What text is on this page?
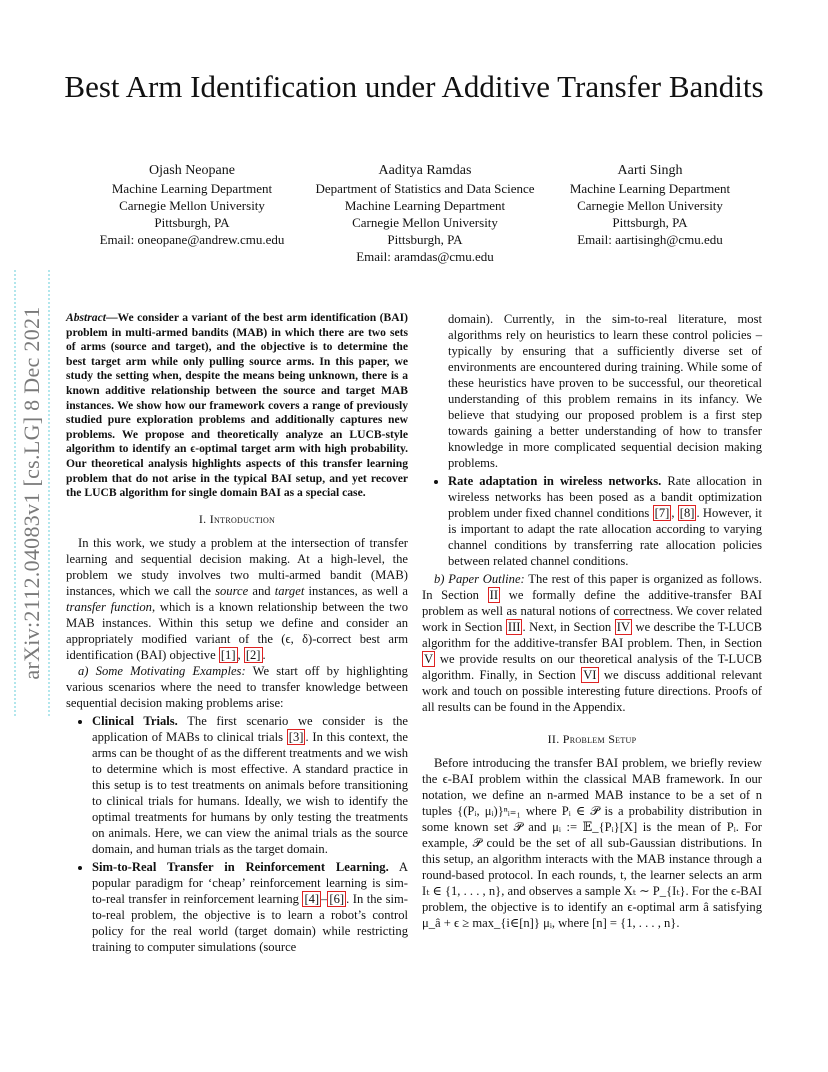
Best Arm Identification under Additive Transfer Bandits
Ojash Neopane
Machine Learning Department
Carnegie Mellon University
Pittsburgh, PA
Email: oneopane@andrew.cmu.edu
Aaditya Ramdas
Department of Statistics and Data Science
Machine Learning Department
Carnegie Mellon University
Pittsburgh, PA
Email: aramdas@cmu.edu
Aarti Singh
Machine Learning Department
Carnegie Mellon University
Pittsburgh, PA
Email: aartisingh@cmu.edu
arXiv:2112.04083v1 [cs.LG] 8 Dec 2021 Abstract—We consider a variant of the best arm identification (BAI) problem in multi-armed bandits (MAB) in which there are two sets of arms (source and target), and the objective is to determine the best target arm while only pulling source arms. In this paper, we study the setting when, despite the means being unknown, there is a known additive relationship between the source and target MAB instances. We show how our framework covers a range of previously studied pure exploration problems and additionally captures new problems. We propose and theoretically analyze an LUCB-style algorithm to identify an ϵ-optimal target arm with high probability. Our theoretical analysis highlights aspects of this transfer learning problem that do not arise in the typical BAI setup, and yet recover the LUCB algorithm for single domain BAI as a special case.

I. Introduction

In this work, we study a problem at the intersection of transfer learning and sequential decision making. At a high-level, the problem we study involves two multi-armed bandit (MAB) instances, which we call the source and target instances, as well a transfer function, which is a known relationship between the two MAB instances. Within this setup we define and consider an appropriately modified variant of the (ϵ, δ)-correct best arm identification (BAI) objective [1] , [2] .

a) Some Motivating Examples: We start off by highlighting various scenarios where the need to transfer knowledge between sequential decision making problems arise:

• Clinical Trials. The first scenario we consider is the application of MABs to clinical trials [3] . In this context, the arms can be thought of as the different treatments and we wish to determine which is most effective. A standard practice in this setup is to test treatments on animals before transitioning to clinical trials for humans. Ideally, we wish to identify the optimal treatments for humans by only testing the treatments on animals. Here, we can view the animal trials as the source domain, and human trials as the target domain.
• Sim-to-Real Transfer in Reinforcement Learning. A popular paradigm for ‘cheap’ reinforcement learning is sim-to-real transfer in reinforcement learning [4] – [6] . In the sim-to-real problem, the objective is to learn a robot’s control policy for the real world (target domain) while restricting training to computer simulations (source

domain). Currently, in the sim-to-real literature, most algorithms rely on heuristics to learn these control policies – typically by ensuring that a sufficiently diverse set of environments are encountered during training. While some of these heuristics have proven to be successful, our theoretical understanding of this problem remains in its infancy. We believe that studying our proposed problem is a first step towards gaining a better understanding of how to transfer knowledge in more complicated sequential decision making problems.

• Rate adaptation in wireless networks. Rate allocation in wireless networks has been posed as a bandit optimization problem under fixed channel conditions [7] , [8] . However, it is important to adapt the rate allocation according to varying channel conditions by transferring rate allocation policies between related channel conditions.

b) Paper Outline: The rest of this paper is organized as follows. In Section II we formally define the additive-transfer BAI problem as well as natural notions of correctness. We cover related work in Section III . Next, in Section IV we describe the T-LUCB algorithm for the additive-transfer BAI problem. Then, in Section V we provide results on our theoretical analysis of the T-LUCB algorithm. Finally, in Section VI we discuss additional relevant work and touch on possible interesting future directions. Proofs of all results can be found in the Appendix.

II. Problem Setup

Before introducing the transfer BAI problem, we briefly review the ϵ-BAI problem within the classical MAB framework. In our notation, we define an n-armed MAB instance to be a set of n tuples {(Pᵢ, μᵢ)}ⁿᵢ₌₁ where Pᵢ ∈ 𝒫 is a probability distribution in some known set 𝒫 and μᵢ := 𝔼_{Pᵢ}[X] is the mean of Pᵢ. For example, 𝒫 could be the set of all sub-Gaussian distributions. In this setup, an algorithm interacts with the MAB instance through a round-based protocol. In each rounds, t, the learner selects an arm Iₜ ∈ {1, . . . , n}, and observes a sample Xₜ ∼ P_{Iₜ}. For the ϵ-BAI problem, the objective is to identify an ϵ-optimal arm â satisfying μ_â + ϵ ≥ max_{i∈[n]} μᵢ, where [n] = {1, . . . , n}.
